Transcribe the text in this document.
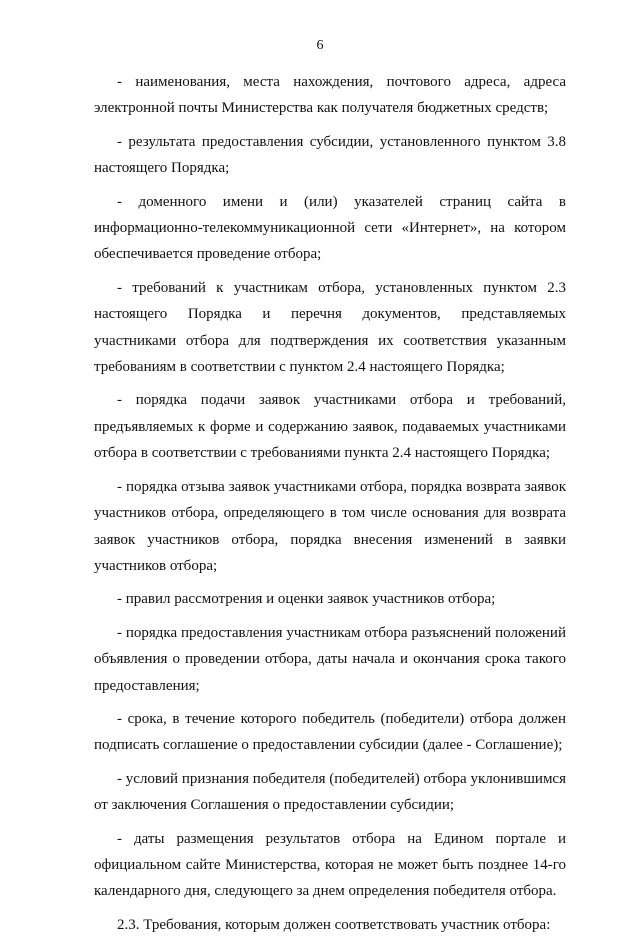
6

- наименования, места нахождения, почтового адреса, адреса электронной почты Министерства как получателя бюджетных средств;

- результата предоставления субсидии, установленного пунктом 3.8 настоящего Порядка;

- доменного имени и (или) указателей страниц сайта в информационно-телекоммуникационной сети «Интернет», на котором обеспечивается проведение отбора;

- требований к участникам отбора, установленных пунктом 2.3 настоящего Порядка и перечня документов, представляемых участниками отбора для подтверждения их соответствия указанным требованиям в соответствии с пунктом 2.4 настоящего Порядка;

- порядка подачи заявок участниками отбора и требований, предъявляемых к форме и содержанию заявок, подаваемых участниками отбора в соответствии с требованиями пункта 2.4 настоящего Порядка;

- порядка отзыва заявок участниками отбора, порядка возврата заявок участников отбора, определяющего в том числе основания для возврата заявок участников отбора, порядка внесения изменений в заявки участников отбора;

- правил рассмотрения и оценки заявок участников отбора;

- порядка предоставления участникам отбора разъяснений положений объявления о проведении отбора, даты начала и окончания срока такого предоставления;

- срока, в течение которого победитель (победители) отбора должен подписать соглашение о предоставлении субсидии (далее - Соглашение);

- условий признания победителя (победителей) отбора уклонившимся от заключения Соглашения о предоставлении субсидии;

- даты размещения результатов отбора на Едином портале и официальном сайте Министерства, которая не может быть позднее 14-го календарного дня, следующего за днем определения победителя отбора.

2.3. Требования, которым должен соответствовать участник отбора:
